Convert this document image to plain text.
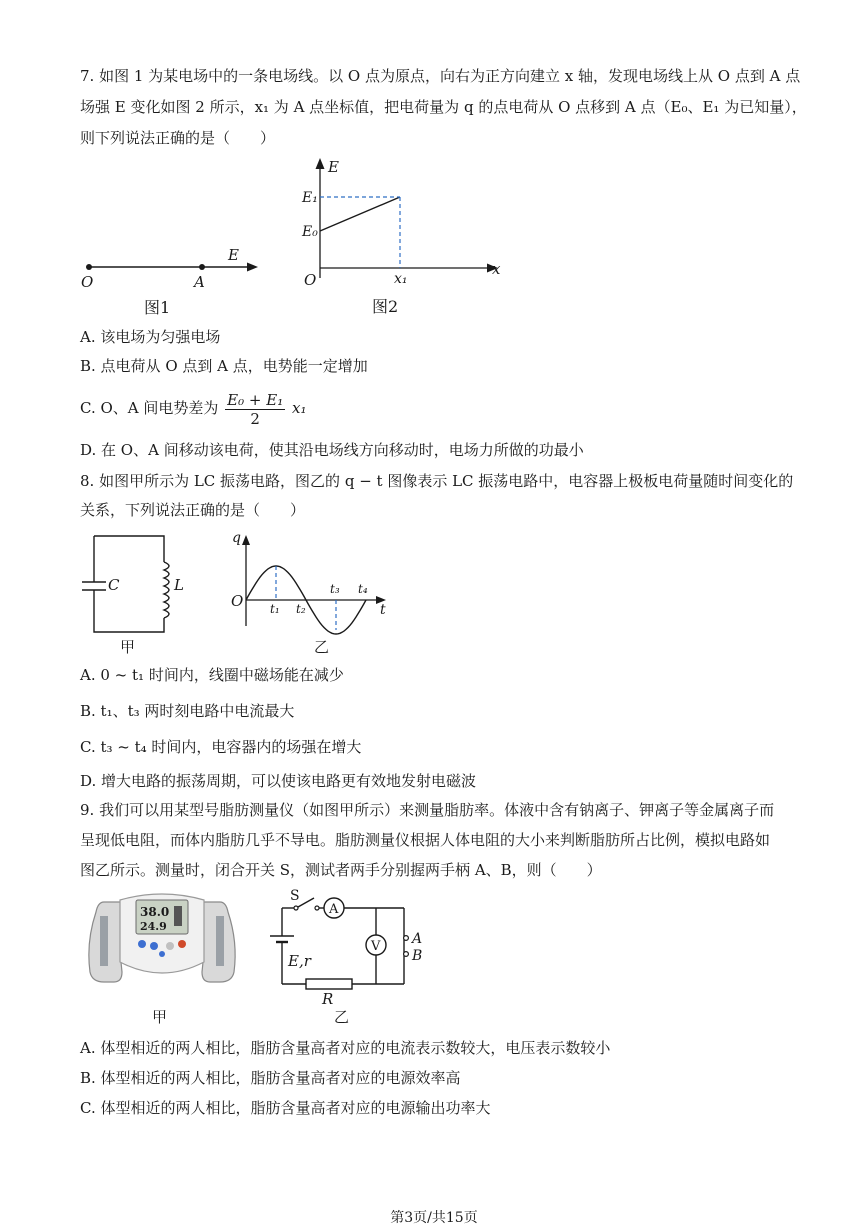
7. 如图 1 为某电场中的一条电场线。以 O 点为原点，向右为正方向建立 x 轴，发现电场线上从 O 点到 A 点
场强 E 变化如图 2 所示，x₁ 为 A 点坐标值，把电荷量为 q 的点电荷从 O 点移到 A 点（E₀、E₁ 为已知量），
则下列说法正确的是（　　）
E
O	A
图1
E
E₁
E₀
O	x₁
x
图2
A. 该电场为匀强电场
B. 点电荷从 O 点到 A 点，电势能一定增加
C. O、A 间电势差为 $\frac{\text{E₀ + E₁}}{2} x_1$
D. 在 O、A 间移动该电荷，使其沿电场线方向移动时，电场力所做的功最小
8. 如图甲所示为 LC 振荡电路，图乙的 q − t 图像表示 LC 振荡电路中，电容器上极板电荷量随时间变化的
关系，下列说法正确的是（　　）
C	L
甲
q
O t₁ t₂
t₃ t₄
t
乙
A. 0 ~ t₁ 时间内，线圈中磁场能在减少
B. t₁、t₃ 两时刻电路中电流最大
C. t₃ ~ t₄ 时间内，电容器内的场强在增大
D. 增大电路的振荡周期，可以使该电路更有效地发射电磁波
9. 我们可以用某型号脂肪测量仪（如图甲所示）来测量脂肪率。体液中含有钠离子、钾离子等金属离子而
呈现低电阻，而体内脂肪几乎不导电。脂肪测量仪根据人体电阻的大小来判断脂肪所占比例，模拟电路如
图乙所示。测量时，闭合开关 S，测试者两手分别握两手柄 A、B，则（　　）
38.0
24.9
甲
S
A
V A
B
E,r
R
乙
A. 体型相近的两人相比，脂肪含量高者对应的电流表示数较大，电压表示数较小
B. 体型相近的两人相比，脂肪含量高者对应的电源效率高
C. 体型相近的两人相比，脂肪含量高者对应的电源输出功率大
第3页/共15页
